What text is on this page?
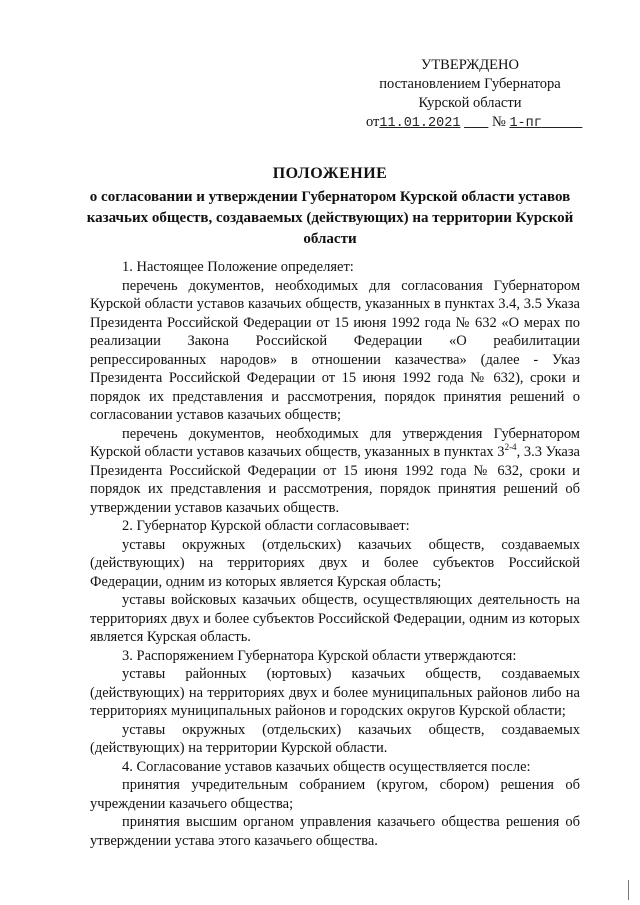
УТВЕРЖДЕНО
постановлением Губернатора
Курской области
от11.01.2021 № 1-пг
ПОЛОЖЕНИЕ
о согласовании и утверждении Губернатором Курской области уставов казачьих обществ, создаваемых (действующих) на территории Курской области

1. Настоящее Положение определяет:

перечень документов, необходимых для согласования Губернатором Курской области уставов казачьих обществ, указанных в пунктах 3.4, 3.5 Указа Президента Российской Федерации от 15 июня 1992 года № 632 «О мерах по реализации Закона Российской Федерации «О реабилитации репрессированных народов» в отношении казачества» (далее - Указ Президента Российской Федерации от 15 июня 1992 года № 632), сроки и порядок их представления и рассмотрения, порядок принятия решений о согласовании уставов казачьих обществ;

перечень документов, необходимых для утверждения Губернатором Курской области уставов казачьих обществ, указанных в пунктах 3$^{2-4}$, 3.3 Указа Президента Российской Федерации от 15 июня 1992 года № 632, сроки и порядок их представления и рассмотрения, порядок принятия решений об утверждении уставов казачьих обществ.

2. Губернатор Курской области согласовывает:

уставы окружных (отдельских) казачьих обществ, создаваемых (действующих) на территориях двух и более субъектов Российской Федерации, одним из которых является Курская область;

уставы войсковых казачьих обществ, осуществляющих деятельность на территориях двух и более субъектов Российской Федерации, одним из которых является Курская область.

3. Распоряжением Губернатора Курской области утверждаются:

уставы районных (юртовых) казачьих обществ, создаваемых (действующих) на территориях двух и более муниципальных районов либо на территориях муниципальных районов и городских округов Курской области;

уставы окружных (отдельских) казачьих обществ, создаваемых (действующих) на территории Курской области.

4. Согласование уставов казачьих обществ осуществляется после:

принятия учредительным собранием (кругом, сбором) решения об учреждении казачьего общества;

принятия высшим органом управления казачьего общества решения об утверждении устава этого казачьего общества.
